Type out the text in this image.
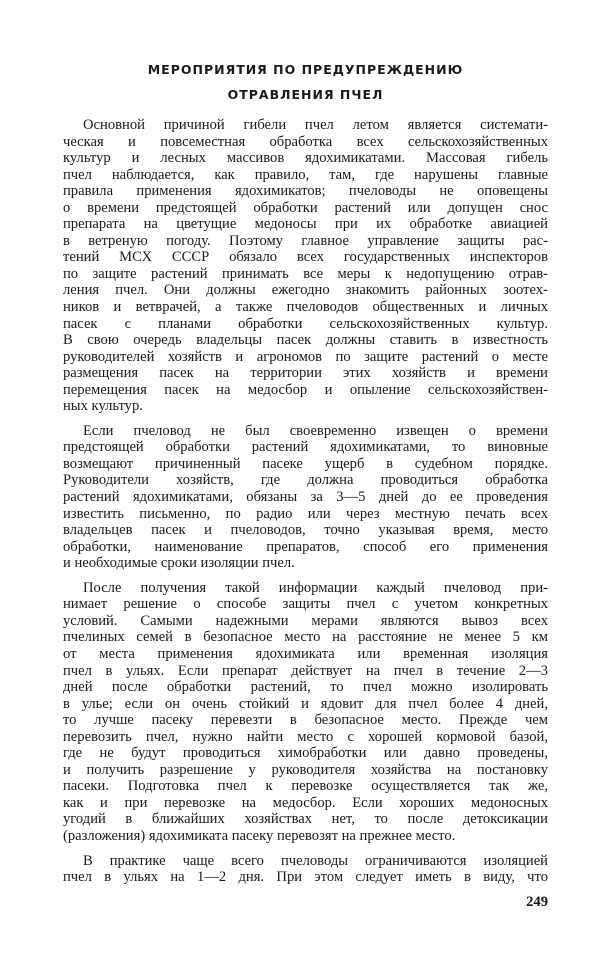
МЕРОПРИЯТИЯ ПО ПРЕДУПРЕЖДЕНИЮ
ОТРАВЛЕНИЯ ПЧЕЛ
Основной причиной гибели пчел летом является системати-
ческая и повсеместная обработка всех сельскохозяйственных
культур и лесных массивов ядохимикатами. Массовая гибель
пчел наблюдается, как правило, там, где нарушены главные
правила применения ядохимикатов; пчеловоды не оповещены
о времени предстоящей обработки растений или допущен снос
препарата на цветущие медоносы при их обработке авиацией
в ветреную погоду. Поэтому главное управление защиты рас-
тений МСХ СССР обязало всех государственных инспекторов
по защите растений принимать все меры к недопущению отрав-
ления пчел. Они должны ежегодно знакомить районных зоотех-
ников и ветврачей, а также пчеловодов общественных и личных
пасек с планами обработки сельскохозяйственных культур.
В свою очередь владельцы пасек должны ставить в известность
руководителей хозяйств и агрономов по защите растений о месте
размещения пасек на территории этих хозяйств и времени
перемещения пасек на медосбор и опыление сельскохозяйствен-
ных культур.
Если пчеловод не был своевременно извещен о времени
предстоящей обработки растений ядохимикатами, то виновные
возмещают причиненный пасеке ущерб в судебном порядке.
Руководители хозяйств, где должна проводиться обработка
растений ядохимикатами, обязаны за 3—5 дней до ее проведения
известить письменно, по радио или через местную печать всех
владельцев пасек и пчеловодов, точно указывая время, место
обработки, наименование препаратов, способ его применения
и необходимые сроки изоляции пчел.
После получения такой информации каждый пчеловод при-
нимает решение о способе защиты пчел с учетом конкретных
условий. Самыми надежными мерами являются вывоз всех
пчелиных семей в безопасное место на расстояние не менее 5 км
от места применения ядохимиката или временная изоляция
пчел в ульях. Если препарат действует на пчел в течение 2—3
дней после обработки растений, то пчел можно изолировать
в улье; если он очень стойкий и ядовит для пчел более 4 дней,
то лучше пасеку перевезти в безопасное место. Прежде чем
перевозить пчел, нужно найти место с хорошей кормовой базой,
где не будут проводиться химобработки или давно проведены,
и получить разрешение у руководителя хозяйства на постановку
пасеки. Подготовка пчел к перевозке осуществляется так же,
как и при перевозке на медосбор. Если хороших медоносных
угодий в ближайших хозяйствах нет, то после детоксикации
(разложения) ядохимиката пасеку перевозят на прежнее место.
В практике чаще всего пчеловоды ограничиваются изоляцией
пчел в ульях на 1—2 дня. При этом следует иметь в виду, что
249
